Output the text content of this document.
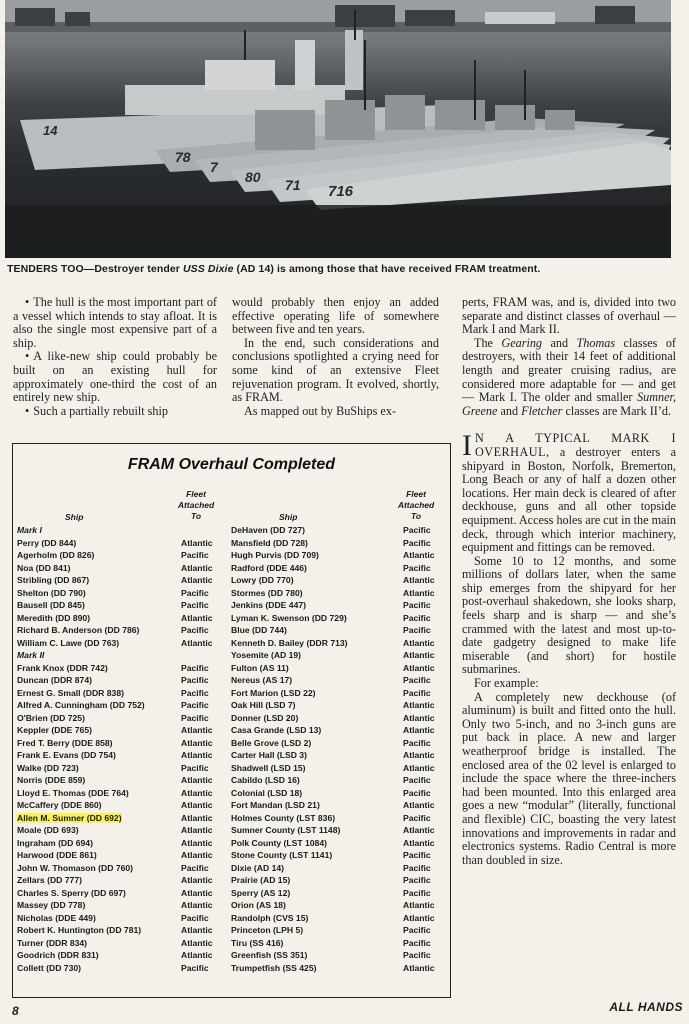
14
78
7
80 71 716
TENDERS TOO—Destroyer tender USS Dixie (AD 14) is among those that have received FRAM treatment.

• The hull is the most important part of a vessel which intends to stay afloat. It is also the single most expensive part of a ship.

• A like-new ship could probably be built on an existing hull for approximately one-third the cost of an entirely new ship.

• Such a partially rebuilt ship

would probably then enjoy an added effective operating life of somewhere between five and ten years.

In the end, such considerations and conclusions spotlighted a crying need for some kind of an extensive Fleet rejuvenation program. It evolved, shortly, as FRAM.

As mapped out by BuShips ex-

perts, FRAM was, and is, divided into two separate and distinct classes of overhaul — Mark I and Mark II.

The Gearing and Thomas classes of destroyers, with their 14 feet of additional length and greater cruising radius, are considered more adaptable for — and get — Mark I. The older and smaller Sumner, Greene and Fletcher classes are Mark II’d.

I N A TYPICAL MARK I OVERHAUL, a destroyer enters a shipyard in Boston, Norfolk, Bremerton, Long Beach or any of half a dozen other locations. Her main deck is cleared of after deckhouse, guns and all other topside equipment. Access holes are cut in the main deck, through which interior machinery, equipment and fittings can be removed.

Some 10 to 12 months, and some millions of dollars later, when the same ship emerges from the shipyard for her post-overhaul shakedown, she looks sharp, feels sharp and is sharp — and she’s crammed with the latest and most up-to-date gadgetry designed to make life miserable (and short) for hostile submarines.

For example:

A completely new deckhouse (of aluminum) is built and fitted onto the hull. Only two 5-inch, and no 3-inch guns are put back in place. A new and larger weatherproof bridge is installed. The enclosed area of the 02 level is enlarged to include the space where the three-inchers had been mounted. Into this enlarged area goes a new “modular” (literally, functional and flexible) CIC, boasting the very latest innovations and improvements in radar and electronics systems. Radio Central is more than doubled in size.

FRAM Overhaul Completed
Ship
Fleet
Attached
To	Ship
Fleet
Attached
To
Mark I
Perry (DD 844)
Agerholm (DD 826)
Noa (DD 841)
Stribling (DD 867)
Shelton (DD 790)
Bausell (DD 845)
Meredith (DD 890)
Richard B. Anderson (DD 786)
William C. Lawe (DD 763)
Mark II
Frank Knox (DDR 742)
Duncan (DDR 874)
Ernest G. Small (DDR 838)
Alfred A. Cunningham (DD 752)
O'Brien (DD 725)
Keppler (DDE 765)
Fred T. Berry (DDE 858)
Frank E. Evans (DD 754)
Walke (DD 723)
Norris (DDE 859)
Lloyd E. Thomas (DDE 764)
McCaffery (DDE 860)
Allen M. Sumner (DD 692)
Moale (DD 693)
Ingraham (DD 694)
Harwood (DDE 861)
John W. Thomason (DD 760)
Zellars (DD 777)
Charles S. Sperry (DD 697)
Massey (DD 778)
Nicholas (DDE 449)
Robert K. Huntington (DD 781)
Turner (DDR 834)
Goodrich (DDR 831)
Collett (DD 730)
Atlantic
Pacific
Atlantic
Atlantic
Pacific
Pacific
Atlantic
Pacific
Atlantic
Pacific
Pacific
Pacific
Pacific
Pacific
Atlantic
Atlantic
Atlantic
Pacific
Atlantic
Atlantic
Atlantic
Atlantic
Atlantic
Atlantic
Atlantic
Pacific
Atlantic
Atlantic
Atlantic
Pacific
Atlantic
Atlantic
Atlantic
Pacific
DeHaven (DD 727)
Mansfield (DD 728)
Hugh Purvis (DD 709)
Radford (DDE 446)
Lowry (DD 770)
Stormes (DD 780)
Jenkins (DDE 447)
Lyman K. Swenson (DD 729)
Blue (DD 744)
Kenneth D. Bailey (DDR 713)
Yosemite (AD 19)
Fulton (AS 11)
Nereus (AS 17)
Fort Marion (LSD 22)
Oak Hill (LSD 7)
Donner (LSD 20)
Casa Grande (LSD 13)
Belle Grove (LSD 2)
Carter Hall (LSD 3)
Shadwell (LSD 15)
Cabildo (LSD 16)
Colonial (LSD 18)
Fort Mandan (LSD 21)
Holmes County (LST 836)
Sumner County (LST 1148)
Polk County (LST 1084)
Stone County (LST 1141)
Dixie (AD 14)
Prairie (AD 15)
Sperry (AS 12)
Orion (AS 18)
Randolph (CVS 15)
Princeton (LPH 5)
Tiru (SS 416)
Greenfish (SS 351)
Trumpetfish (SS 425)
Pacific
Pacific
Atlantic
Pacific
Atlantic
Atlantic
Pacific
Pacific
Pacific
Atlantic
Atlantic
Atlantic
Pacific
Pacific
Atlantic
Atlantic
Atlantic
Pacific
Atlantic
Atlantic
Pacific
Pacific
Atlantic
Pacific
Atlantic
Atlantic
Pacific
Pacific
Pacific
Pacific
Atlantic
Atlantic
Pacific
Pacific
Pacific
Atlantic
8	ALL HANDS
